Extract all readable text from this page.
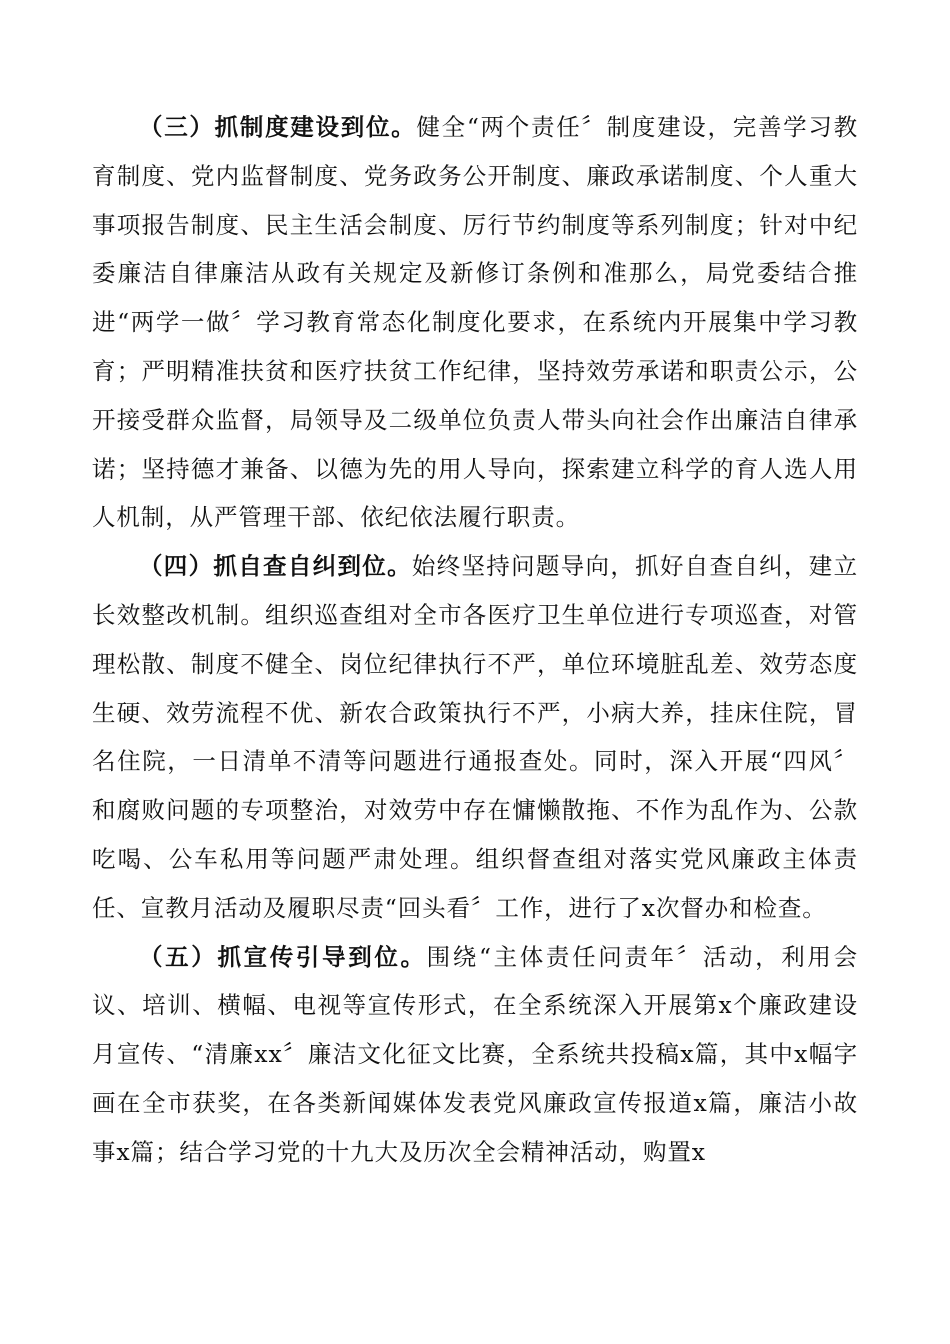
（三）抓制度建设到位。健全“两个责任〞制度建设，完善学习教育制度、党内监督制度、党务政务公开制度、廉政承诺制度、个人重大事项报告制度、民主生活会制度、厉行节约制度等系列制度；针对中纪委廉洁自律廉洁从政有关规定及新修订条例和准那么，局党委结合推进“两学一做〞学习教育常态化制度化要求，在系统内开展集中学习教育；严明精准扶贫和医疗扶贫工作纪律，坚持效劳承诺和职责公示，公开接受群众监督，局领导及二级单位负责人带头向社会作出廉洁自律承诺；坚持德才兼备、以德为先的用人导向，探索建立科学的育人选人用人机制，从严管理干部、依纪依法履行职责。

（四）抓自查自纠到位。始终坚持问题导向，抓好自查自纠，建立长效整改机制。组织巡查组对全市各医疗卫生单位进行专项巡查，对管理松散、制度不健全、岗位纪律执行不严，单位环境脏乱差、效劳态度生硬、效劳流程不优、新农合政策执行不严，小病大养，挂床住院，冒名住院，一日清单不清等问题进行通报查处。同时，深入开展“四风〞和腐败问题的专项整治，对效劳中存在慵懒散拖、不作为乱作为、公款吃喝、公车私用等问题严肃处理。组织督查组对落实党风廉政主体责任、宣教月活动及履职尽责“回头看〞工作，进行了x次督办和检查。

（五）抓宣传引导到位。围绕“主体责任问责年〞活动，利用会议、培训、横幅、电视等宣传形式，在全系统深入开展第x个廉政建设月宣传、“清廉xx〞廉洁文化征文比赛，全系统共投稿x篇，其中x幅字画在全市获奖，在各类新闻媒体发表党风廉政宣传报道x篇，廉洁小故事x篇；结合学习党的十九大及历次全会精神活动，购置x
